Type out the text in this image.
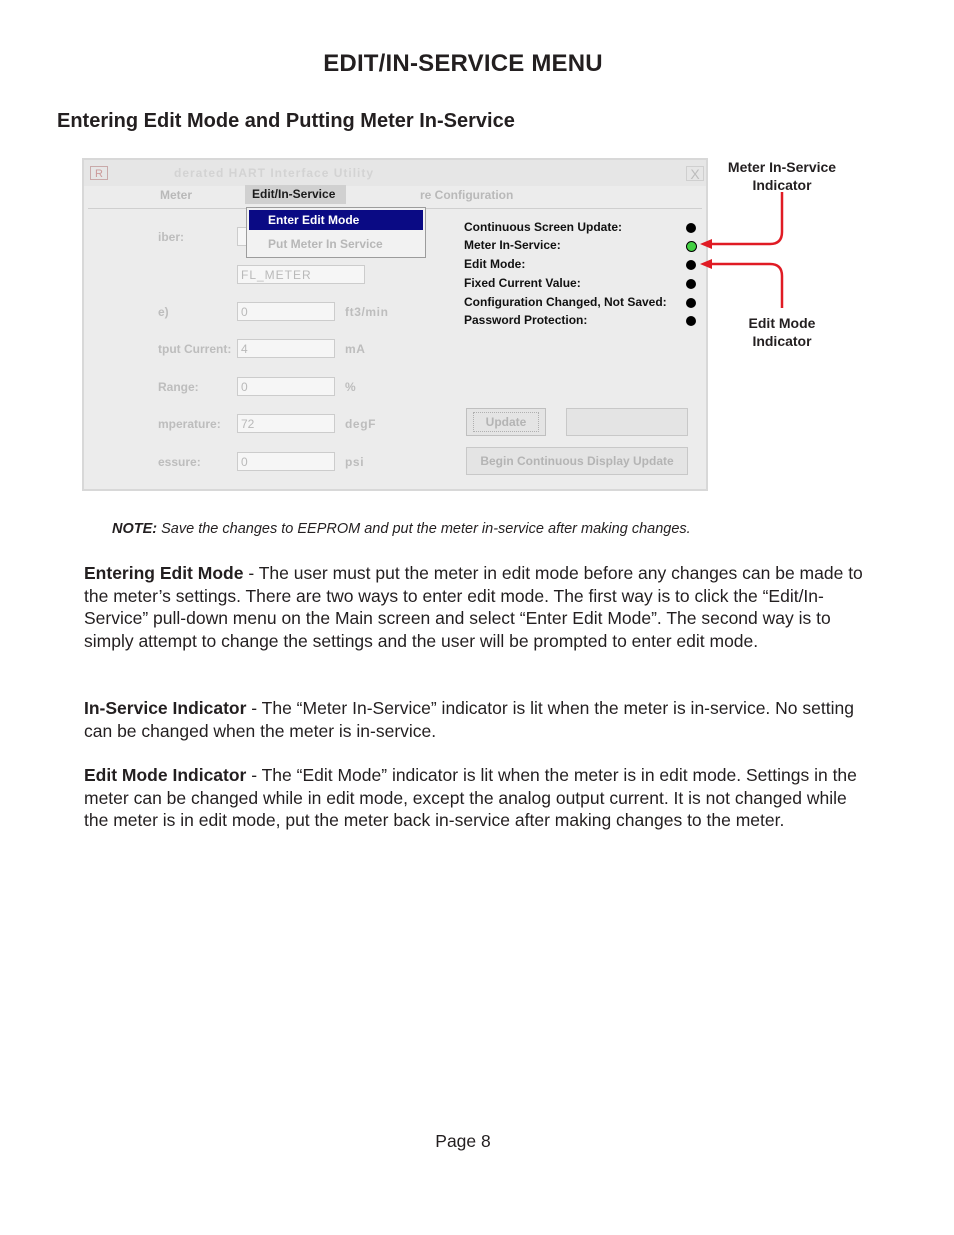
EDIT/IN-SERVICE MENU
Entering Edit Mode and Putting Meter In-Service
R	derated HART Interface Utility	X
Meter	Edit/In-Service	re Configuration
iber:
FL_METER
e)	0	ft3/min
tput Current: 4	mA
Range:	0	%
mperature:	72	degF
essure:	0	psi
Continuous Screen Update:
Meter In-Service:
Edit Mode:
Fixed Current Value:
Configuration Changed, Not Saved:
Password Protection:
Update
Begin Continuous Display Update
Enter Edit Mode
Put Meter In Service
Meter In-Service
Indicator
Edit Mode
Indicator
NOTE: Save the changes to EEPROM and put the meter in-service after making changes.

Entering Edit Mode - The user must put the meter in edit mode before any changes can be made to the meter’s settings. There are two ways to enter edit mode. The first way is to click the “Edit/In-Service” pull-down menu on the Main screen and select “Enter Edit Mode”. The second way is to simply attempt to change the settings and the user will be prompted to enter edit mode.

In-Service Indicator - The “Meter In-Service” indicator is lit when the meter is in-service. No setting can be changed when the meter is in-service.

Edit Mode Indicator - The “Edit Mode” indicator is lit when the meter is in edit mode. Settings in the meter can be changed while in edit mode, except the analog output current. It is not changed while the meter is in edit mode, put the meter back in-service after making changes to the meter.

Page 8
